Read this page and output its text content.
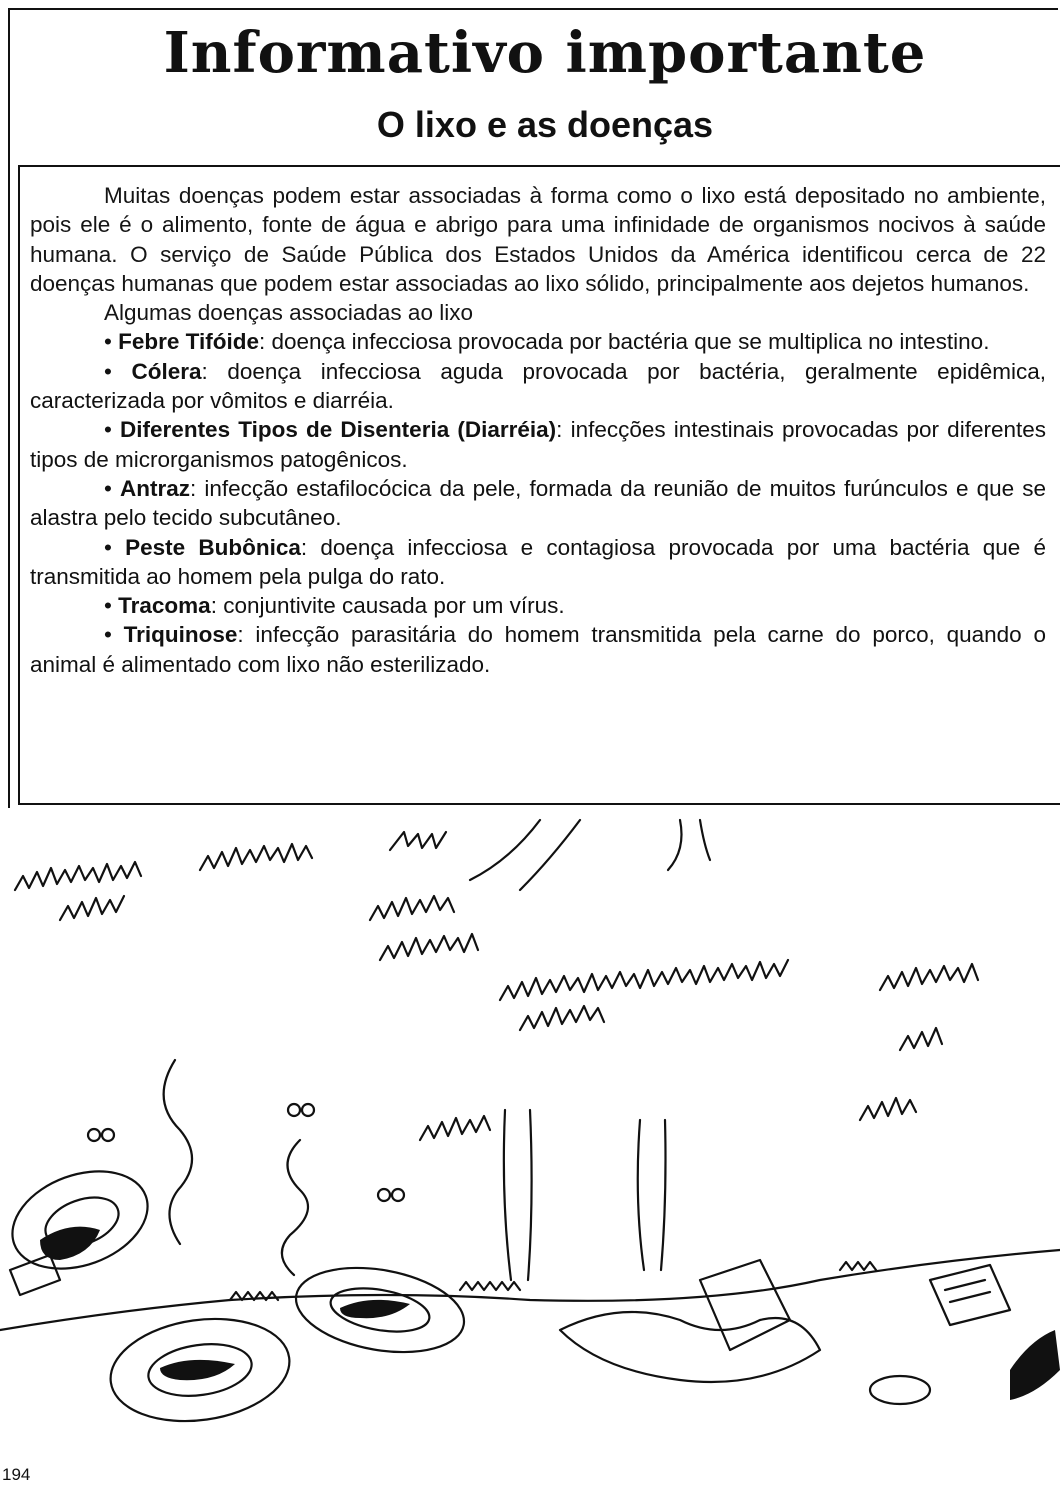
Informativo importante
O lixo e as doenças

Muitas doenças podem estar associadas à forma como o lixo está depositado no ambiente, pois ele é o alimento, fonte de água e abrigo para uma infinidade de organismos nocivos à saúde humana. O serviço de Saúde Pública dos Estados Unidos da América identificou cerca de 22 doenças humanas que podem estar associadas ao lixo sólido, principalmente aos dejetos humanos.

Algumas doenças associadas ao lixo

• Febre Tifóide: doença infecciosa provocada por bactéria que se multiplica no intestino.

• Cólera: doença infecciosa aguda provocada por bactéria, geralmente epidêmica, caracterizada por vômitos e diarréia.

• Diferentes Tipos de Disenteria (Diarréia): infecções intestinais provocadas por diferentes tipos de microrganismos patogênicos.

• Antraz: infecção estafilocócica da pele, formada da reunião de muitos furúnculos e que se alastra pelo tecido subcutâneo.

• Peste Bubônica: doença infecciosa e contagiosa provocada por uma bactéria que é transmitida ao homem pela pulga do rato.

• Tracoma: conjuntivite causada por um vírus.

• Triquinose: infecção parasitária do homem transmitida pela carne do porco, quando o animal é alimentado com lixo não esterilizado.

194
